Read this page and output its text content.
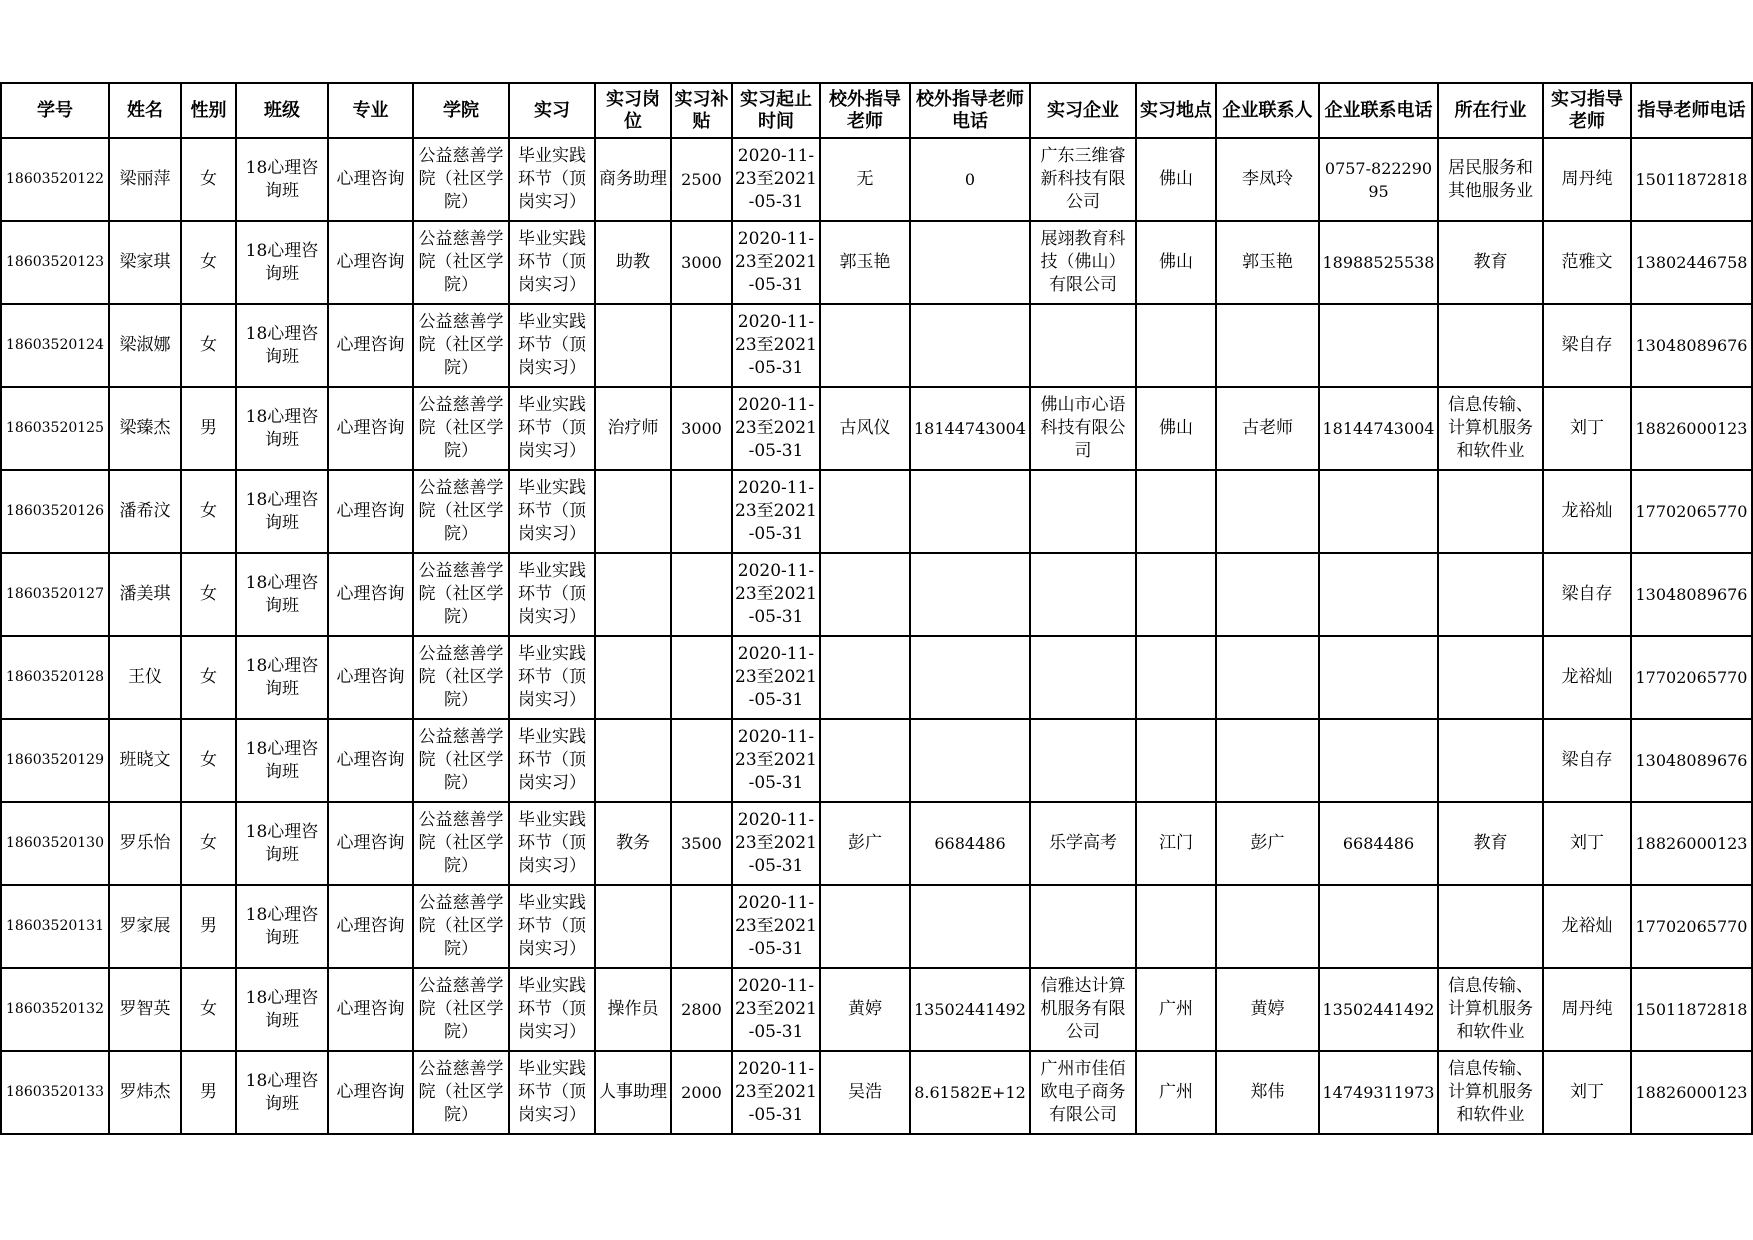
学号	姓名	性别	班级	专业	学院	实习	实习岗位	实习补贴	实习起止时间	校外指导老师	校外指导老师电话	实习企业	实习地点	企业联系人	企业联系电话	所在行业	实习指导老师	指导老师电话

18603520122	梁丽萍	女	18心理咨询班	心理咨询	公益慈善学院（社区学院）	毕业实践环节（顶岗实习）	商务助理	2500	2020-11-23至2021-05-31	无	0	广东三维睿新科技有限公司	佛山	李凤玲	0757-82229095	居民服务和其他服务业	周丹纯	15011872818

18603520123	梁家琪	女	18心理咨询班	心理咨询	公益慈善学院（社区学院）	毕业实践环节（顶岗实习）	助教	3000	2020-11-23至2021-05-31	郭玉艳		展翊教育科技（佛山）有限公司	佛山	郭玉艳	18988525538	教育	范雅文	13802446758

18603520124	梁淑娜	女	18心理咨询班	心理咨询	公益慈善学院（社区学院）	毕业实践环节（顶岗实习）			2020-11-23至2021-05-31								梁自存	13048089676

18603520125	梁臻杰	男	18心理咨询班	心理咨询	公益慈善学院（社区学院）	毕业实践环节（顶岗实习）	治疗师	3000	2020-11-23至2021-05-31	古风仪	18144743004	佛山市心语科技有限公司	佛山	古老师	18144743004	信息传输、计算机服务和软件业	刘丁	18826000123

18603520126	潘希汶	女	18心理咨询班	心理咨询	公益慈善学院（社区学院）	毕业实践环节（顶岗实习）			2020-11-23至2021-05-31								龙裕灿	17702065770

18603520127	潘美琪	女	18心理咨询班	心理咨询	公益慈善学院（社区学院）	毕业实践环节（顶岗实习）			2020-11-23至2021-05-31								梁自存	13048089676

18603520128	王仪	女	18心理咨询班	心理咨询	公益慈善学院（社区学院）	毕业实践环节（顶岗实习）			2020-11-23至2021-05-31								龙裕灿	17702065770

18603520129	班晓文	女	18心理咨询班	心理咨询	公益慈善学院（社区学院）	毕业实践环节（顶岗实习）			2020-11-23至2021-05-31								梁自存	13048089676

18603520130	罗乐怡	女	18心理咨询班	心理咨询	公益慈善学院（社区学院）	毕业实践环节（顶岗实习）	教务	3500	2020-11-23至2021-05-31	彭广	6684486	乐学高考	江门	彭广	6684486	教育	刘丁	18826000123

18603520131	罗家展	男	18心理咨询班	心理咨询	公益慈善学院（社区学院）	毕业实践环节（顶岗实习）			2020-11-23至2021-05-31								龙裕灿	17702065770

18603520132	罗智英	女	18心理咨询班	心理咨询	公益慈善学院（社区学院）	毕业实践环节（顶岗实习）	操作员	2800	2020-11-23至2021-05-31	黄婷	13502441492	信雅达计算机服务有限公司	广州	黄婷	13502441492	信息传输、计算机服务和软件业	周丹纯	15011872818

18603520133	罗炜杰	男	18心理咨询班	心理咨询	公益慈善学院（社区学院）	毕业实践环节（顶岗实习）	人事助理	2000	2020-11-23至2021-05-31	吴浩	8.61582E+12	广州市佳佰欧电子商务有限公司	广州	郑伟	14749311973	信息传输、计算机服务和软件业	刘丁	18826000123
